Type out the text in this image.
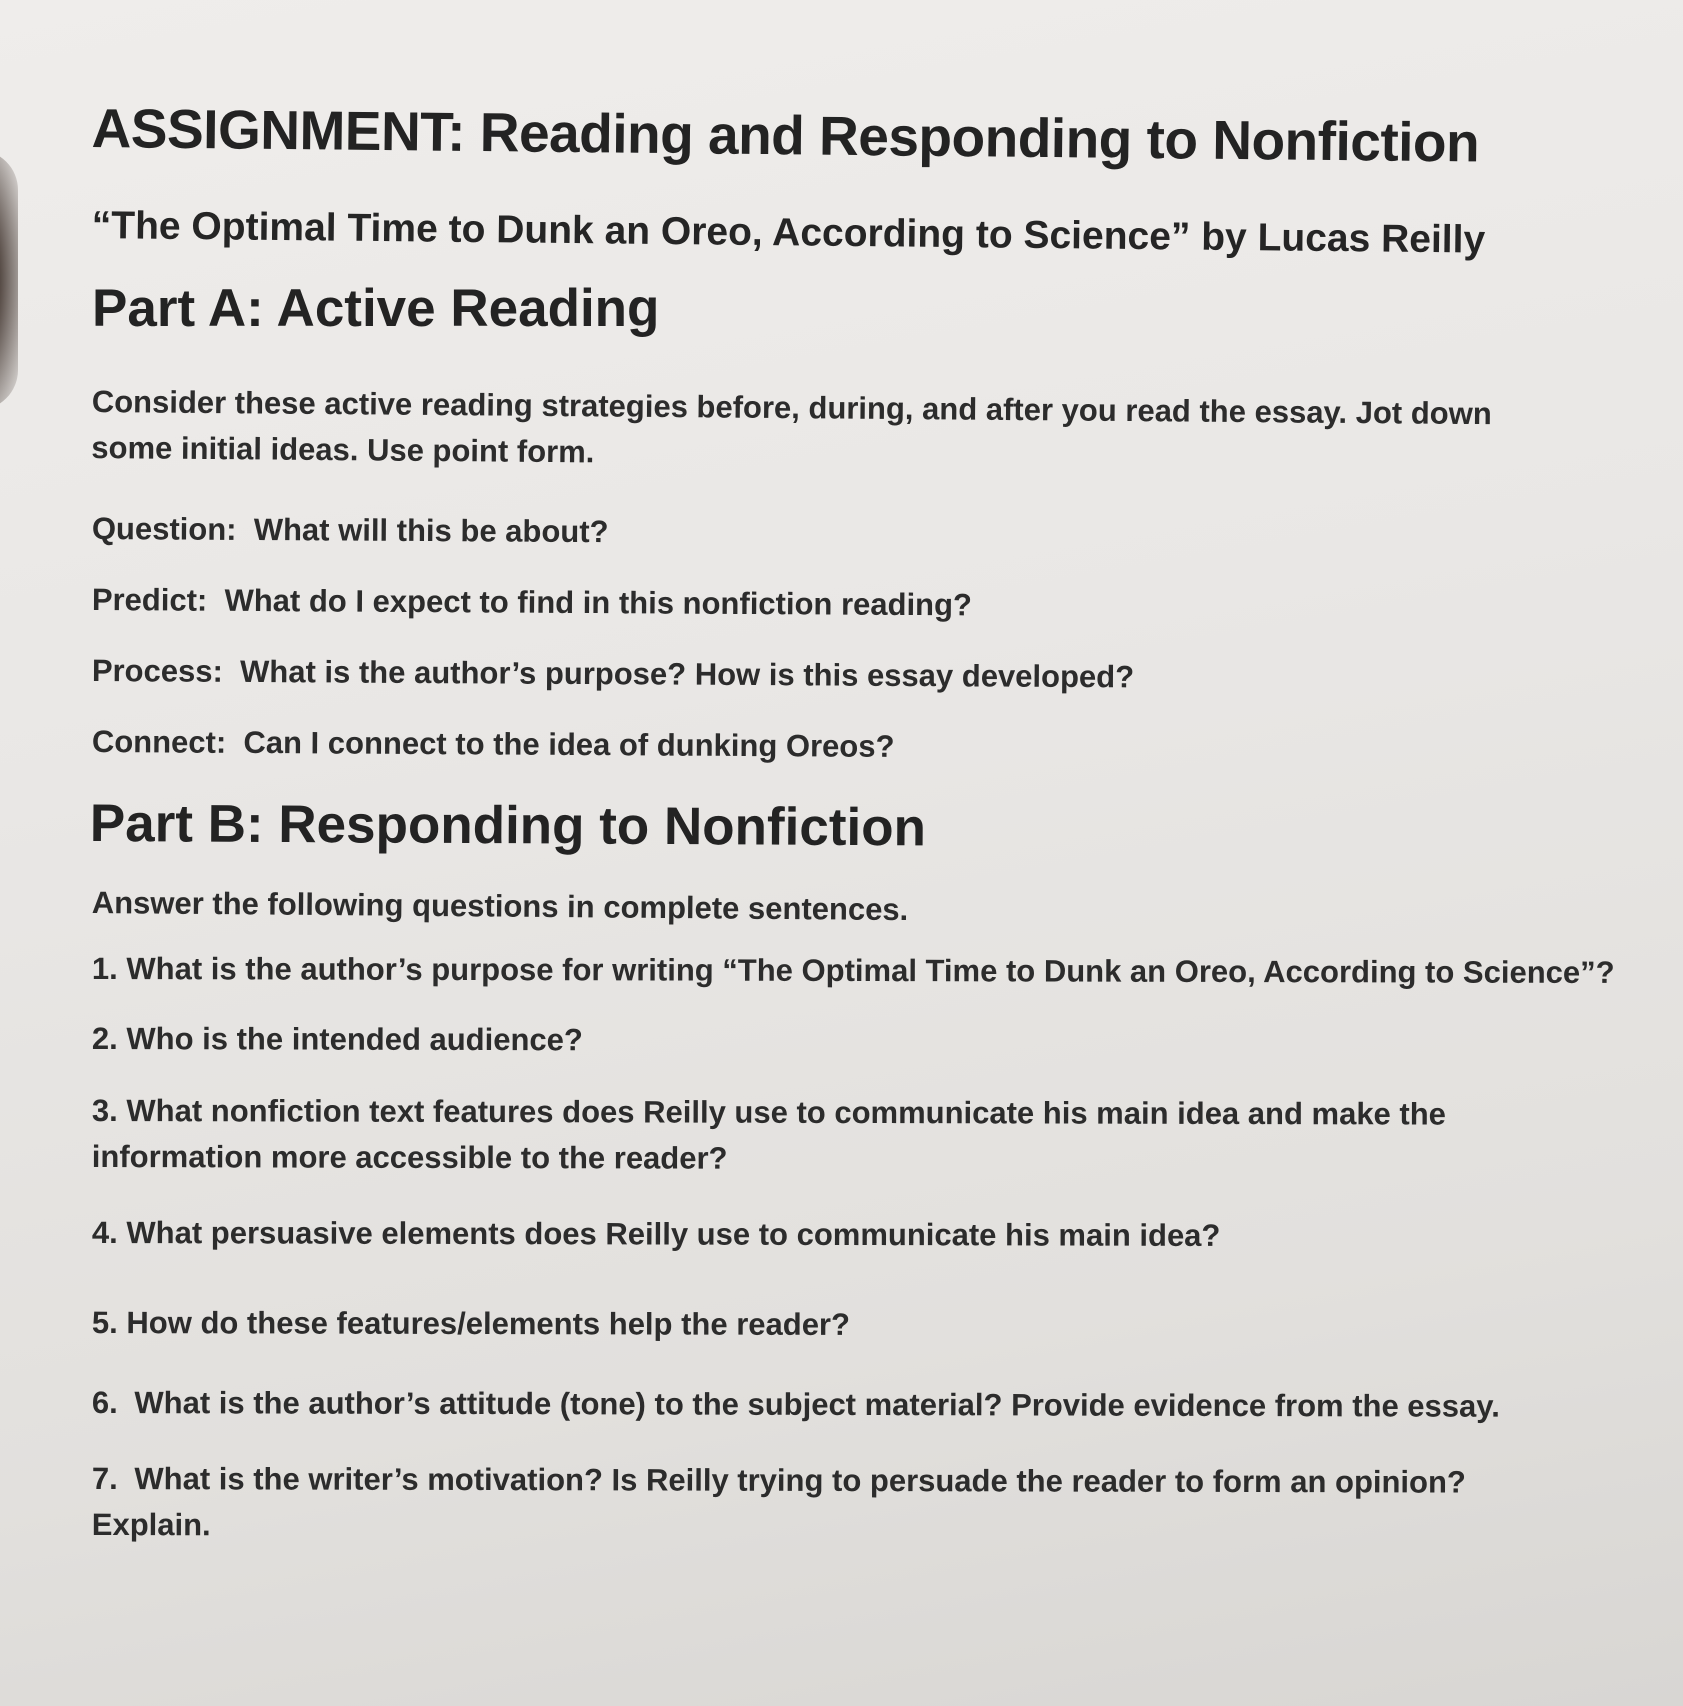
ASSIGNMENT: Reading and Responding to Nonfiction
“The Optimal Time to Dunk an Oreo, According to Science” by Lucas Reilly
Part A: Active Reading

Consider these active reading strategies before, during, and after you read the essay. Jot down some initial ideas. Use point form.

Question: What will this be about?

Predict: What do I expect to find in this nonfiction reading?

Process: What is the author’s purpose? How is this essay developed?

Connect: Can I connect to the idea of dunking Oreos?

Part B: Responding to Nonfiction

Answer the following questions in complete sentences.

1. What is the author’s purpose for writing “The Optimal Time to Dunk an Oreo, According to Science”?
2. Who is the intended audience?
3. What nonfiction text features does Reilly use to communicate his main idea and make the information more accessible to the reader?
4. What persuasive elements does Reilly use to communicate his main idea?
5. How do these features/elements help the reader?
6. What is the author’s attitude (tone) to the subject material? Provide evidence from the essay.
7. What is the writer’s motivation? Is Reilly trying to persuade the reader to form an opinion? Explain.
